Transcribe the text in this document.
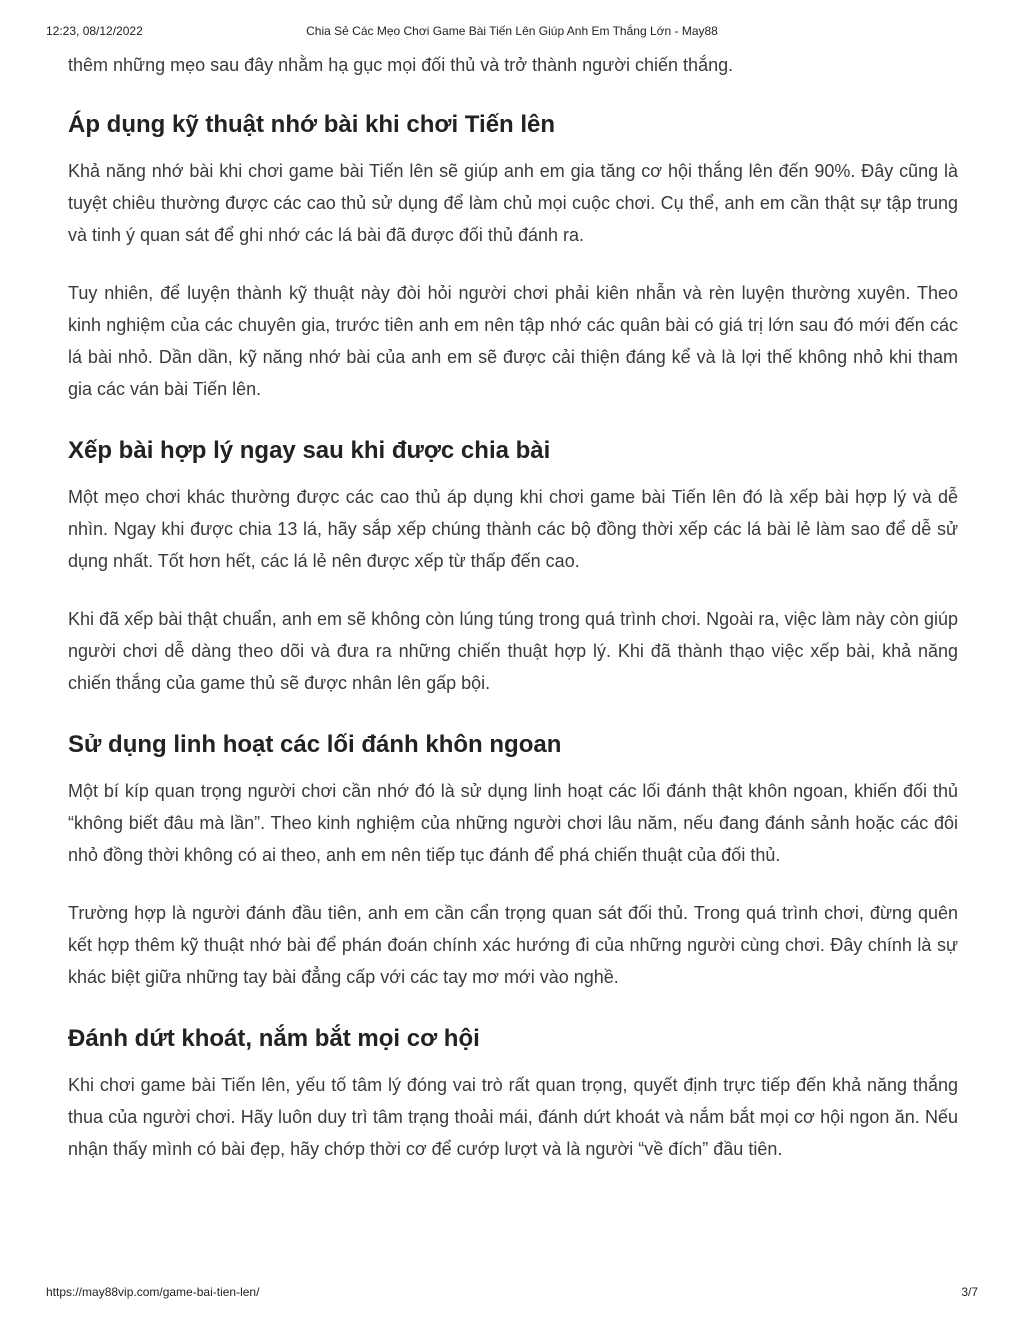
12:23, 08/12/2022	Chia Sẻ Các Mẹo Chơi Game Bài Tiến Lên Giúp Anh Em Thắng Lớn - May88

thêm những mẹo sau đây nhằm hạ gục mọi đối thủ và trở thành người chiến thắng.

Áp dụng kỹ thuật nhớ bài khi chơi Tiến lên

Khả năng nhớ bài khi chơi game bài Tiến lên sẽ giúp anh em gia tăng cơ hội thắng lên đến 90%. Đây cũng là tuyệt chiêu thường được các cao thủ sử dụng để làm chủ mọi cuộc chơi. Cụ thể, anh em cần thật sự tập trung và tinh ý quan sát để ghi nhớ các lá bài đã được đối thủ đánh ra.

Tuy nhiên, để luyện thành kỹ thuật này đòi hỏi người chơi phải kiên nhẫn và rèn luyện thường xuyên. Theo kinh nghiệm của các chuyên gia, trước tiên anh em nên tập nhớ các quân bài có giá trị lớn sau đó mới đến các lá bài nhỏ. Dần dần, kỹ năng nhớ bài của anh em sẽ được cải thiện đáng kể và là lợi thế không nhỏ khi tham gia các ván bài Tiến lên.

Xếp bài hợp lý ngay sau khi được chia bài

Một mẹo chơi khác thường được các cao thủ áp dụng khi chơi game bài Tiến lên đó là xếp bài hợp lý và dễ nhìn. Ngay khi được chia 13 lá, hãy sắp xếp chúng thành các bộ đồng thời xếp các lá bài lẻ làm sao để dễ sử dụng nhất. Tốt hơn hết, các lá lẻ nên được xếp từ thấp đến cao.

Khi đã xếp bài thật chuẩn, anh em sẽ không còn lúng túng trong quá trình chơi. Ngoài ra, việc làm này còn giúp người chơi dễ dàng theo dõi và đưa ra những chiến thuật hợp lý. Khi đã thành thạo việc xếp bài, khả năng chiến thắng của game thủ sẽ được nhân lên gấp bội.

Sử dụng linh hoạt các lối đánh khôn ngoan

Một bí kíp quan trọng người chơi cần nhớ đó là sử dụng linh hoạt các lối đánh thật khôn ngoan, khiến đối thủ “không biết đâu mà lần”. Theo kinh nghiệm của những người chơi lâu năm, nếu đang đánh sảnh hoặc các đôi nhỏ đồng thời không có ai theo, anh em nên tiếp tục đánh để phá chiến thuật của đối thủ.

Trường hợp là người đánh đầu tiên, anh em cần cẩn trọng quan sát đối thủ. Trong quá trình chơi, đừng quên kết hợp thêm kỹ thuật nhớ bài để phán đoán chính xác hướng đi của những người cùng chơi. Đây chính là sự khác biệt giữa những tay bài đẳng cấp với các tay mơ mới vào nghề.

Đánh dứt khoát, nắm bắt mọi cơ hội

Khi chơi game bài Tiến lên, yếu tố tâm lý đóng vai trò rất quan trọng, quyết định trực tiếp đến khả năng thắng thua của người chơi. Hãy luôn duy trì tâm trạng thoải mái, đánh dứt khoát và nắm bắt mọi cơ hội ngon ăn. Nếu nhận thấy mình có bài đẹp, hãy chớp thời cơ để cướp lượt và là người “về đích” đầu tiên.

https://may88vip.com/game-bai-tien-len/	3/7
